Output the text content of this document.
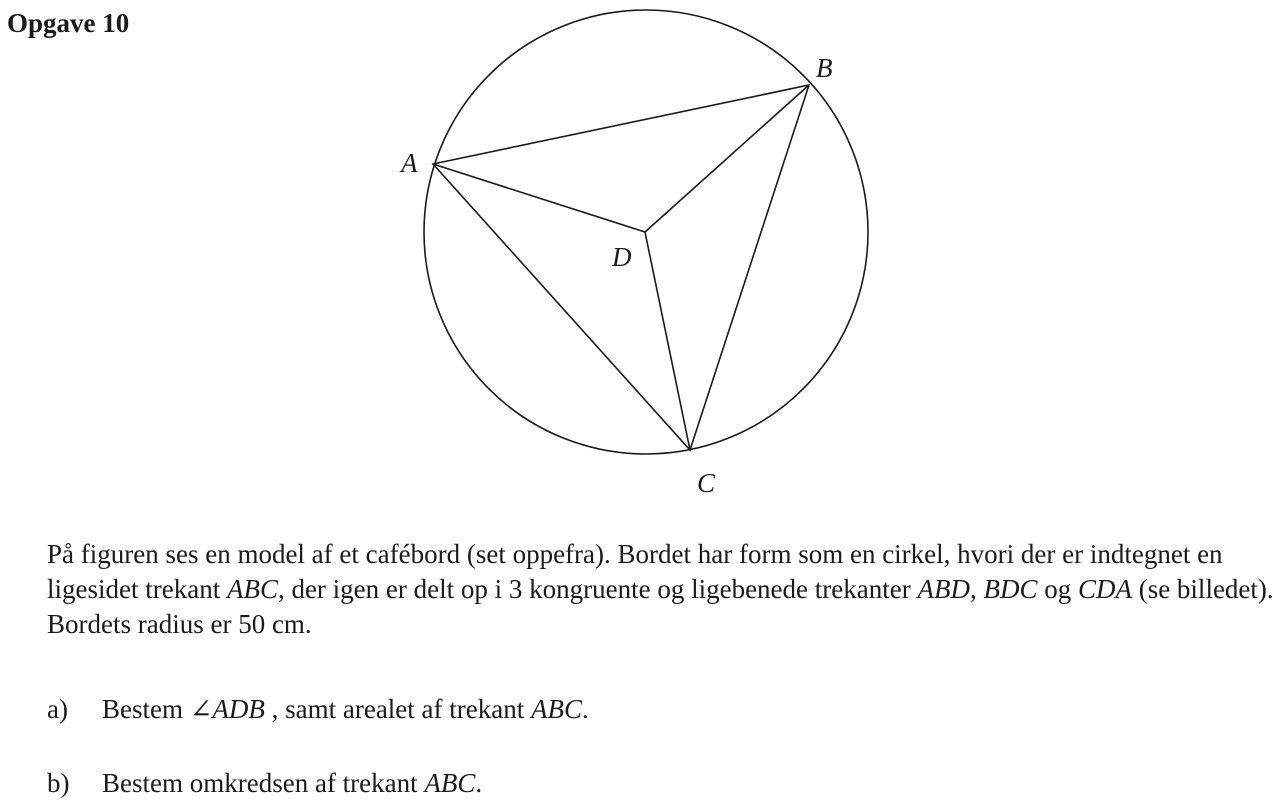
Opgave 10
A
B
C
D

På figuren ses en model af et cafébord (set oppefra). Bordet har form som en cirkel, hvori der er indtegnet en ligesidet trekant ABC, der igen er delt op i 3 kongruente og ligebenede trekanter ABD, BDC og CDA (se billedet). Bordets radius er 50 cm.

a) Bestem ∠ADB , samt arealet af trekant ABC.

b) Bestem omkredsen af trekant ABC.
